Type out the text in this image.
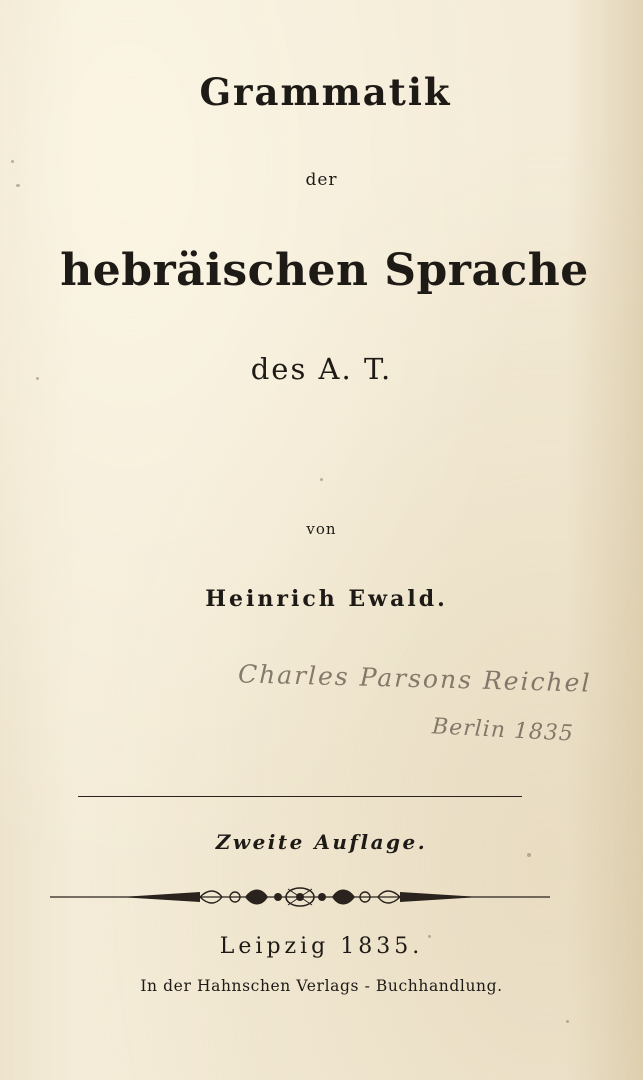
Grammatik
der
hebräischen Sprache
des A. T.
von
Heinrich Ewald.
Charles Parsons Reichel
Berlin 1835
Zweite Auflage.
Leipzig 1835.
In der Hahnschen Verlags - Buchhandlung.
